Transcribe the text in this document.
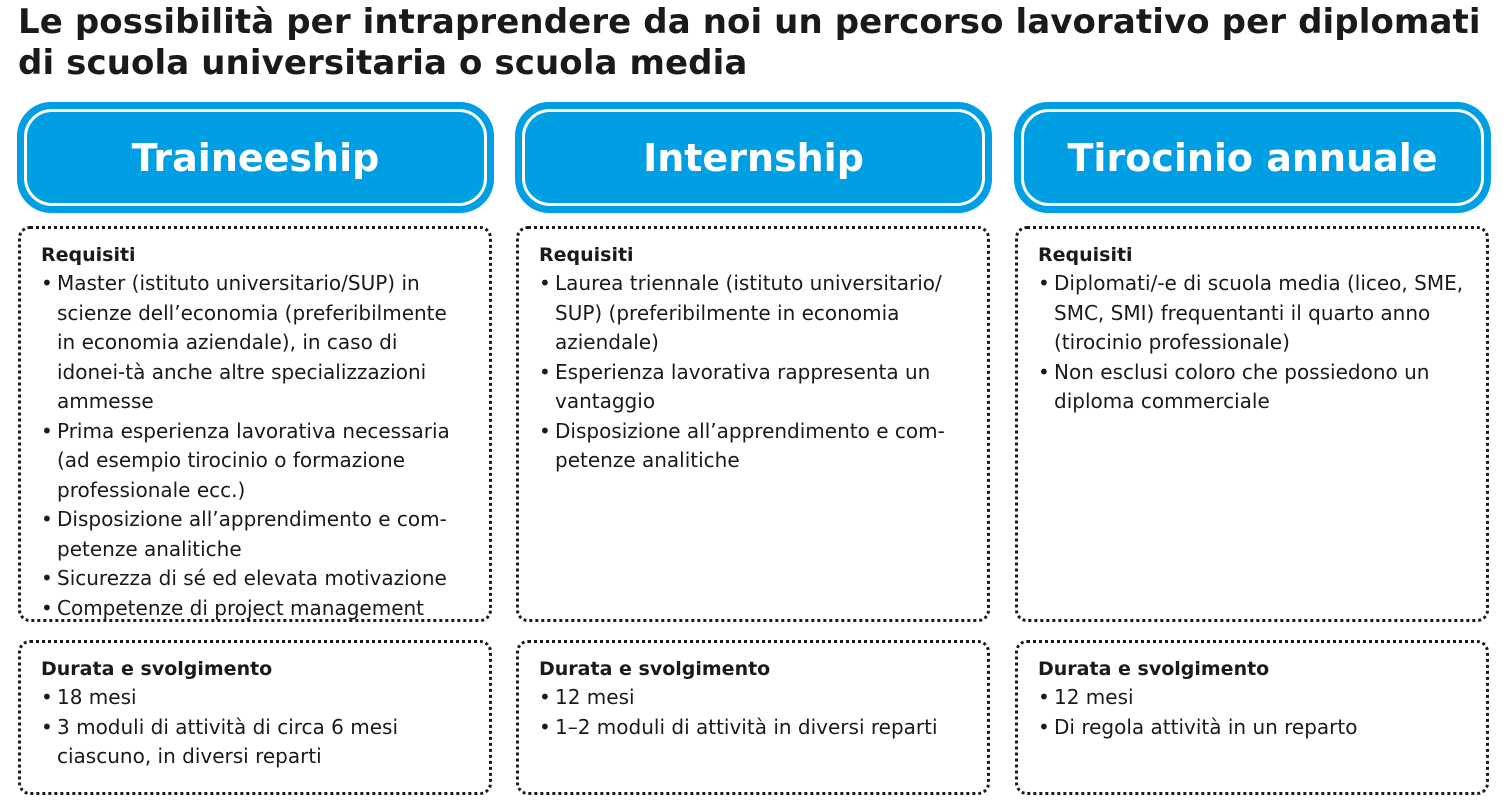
Le possibilità per intraprendere da noi un percorso lavorativo per diplomati di scuola universitaria o scuola media
Traineeship
Requisiti
• Master (istituto universitario/SUP) in scienze dell’economia (preferibilmente in economia aziendale), in caso di idonei-tà anche altre specializzazioni ammesse
• Prima esperienza lavorativa necessaria (ad esempio tirocinio o formazione professionale ecc.)
• Disposizione all’apprendimento e com-petenze analitiche
• Sicurezza di sé ed elevata motivazione
• Competenze di project management
Durata e svolgimento
• 18 mesi
• 3 moduli di attività di circa 6 mesi ciascuno, in diversi reparti
Internship
Requisiti
• Laurea triennale (istituto universitario/ SUP) (preferibilmente in economia aziendale)
• Esperienza lavorativa rappresenta un vantaggio
• Disposizione all’apprendimento e com-petenze analitiche
Durata e svolgimento
• 12 mesi
• 1–2 moduli di attività in diversi reparti
Tirocinio annuale
Requisiti
• Diplomati/-e di scuola media (liceo, SME, SMC, SMI) frequentanti il quarto anno (tirocinio professionale)
• Non esclusi coloro che possiedono un diploma commerciale
Durata e svolgimento
• 12 mesi
• Di regola attività in un reparto
